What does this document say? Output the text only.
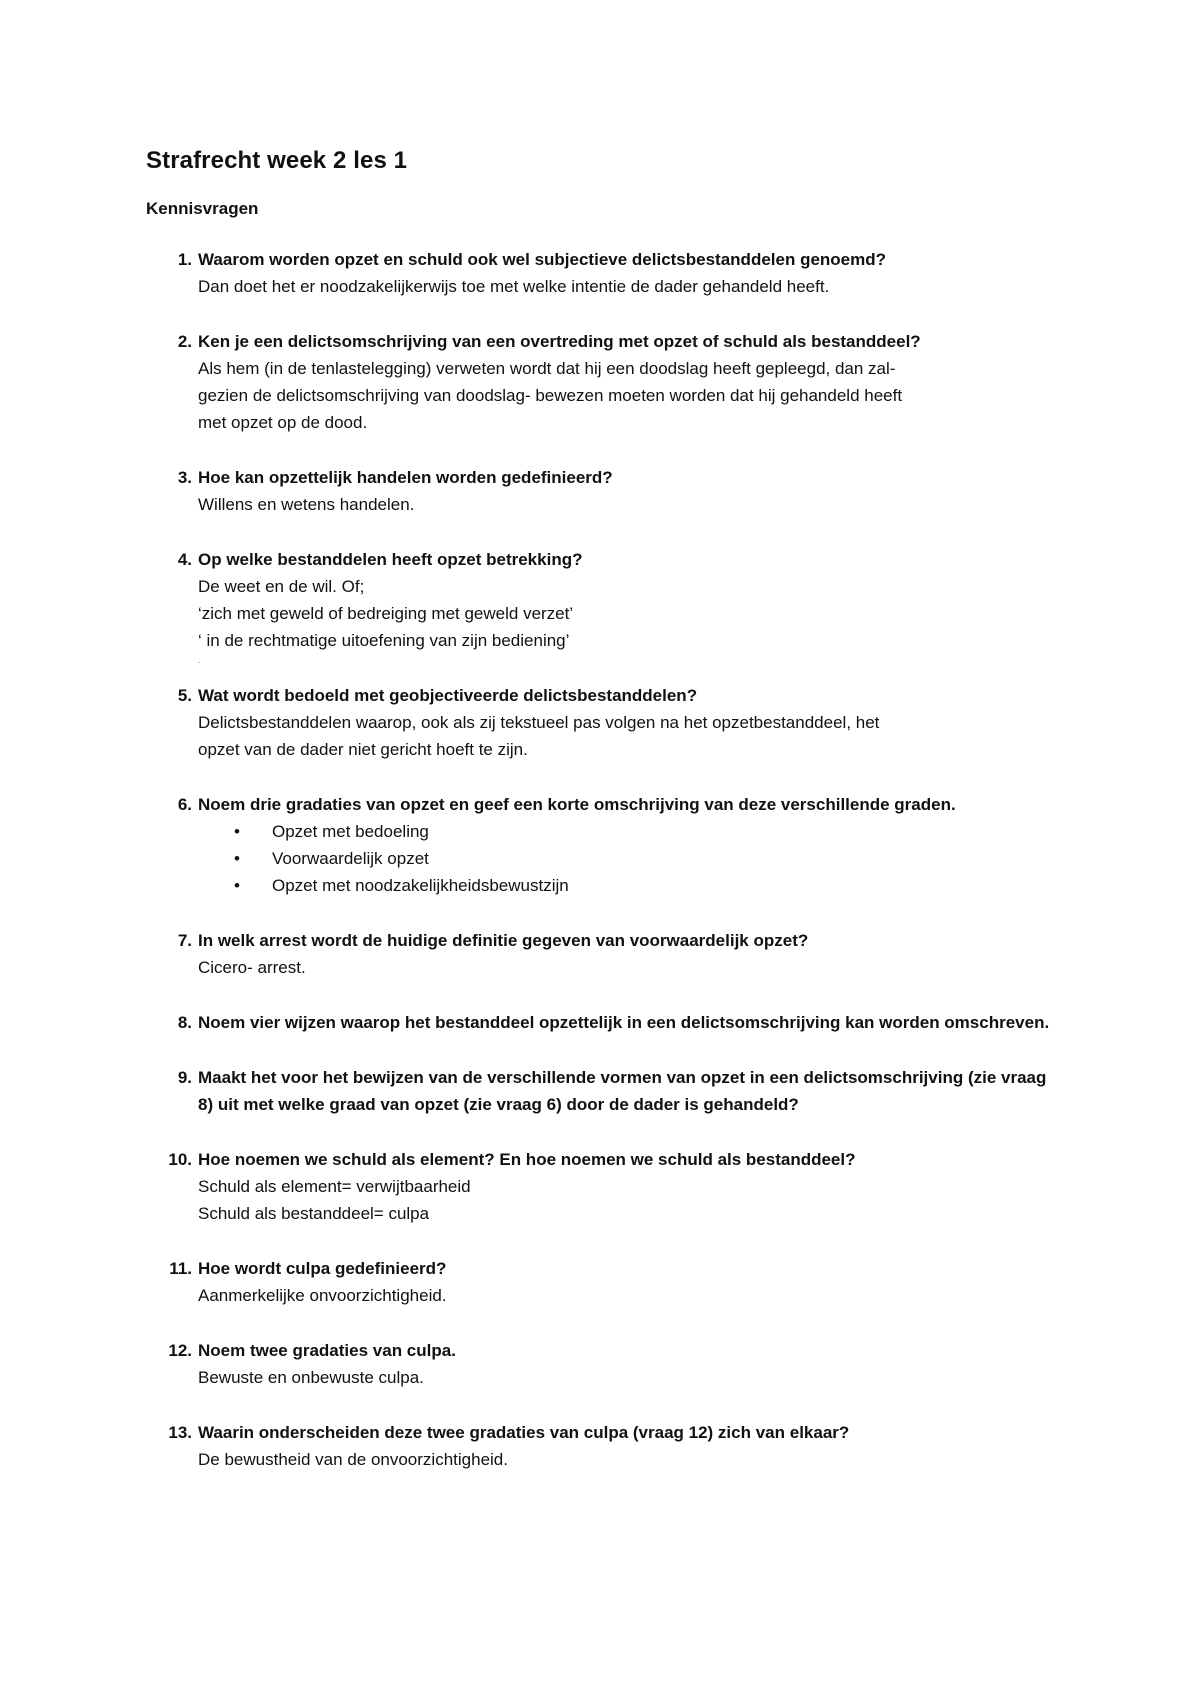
Strafrecht week 2 les 1
Kennisvragen
1. Waarom worden opzet en schuld ook wel subjectieve delictsbestanddelen genoemd?

Dan doet het er noodzakelijkerwijs toe met welke intentie de dader gehandeld heeft.

2. Ken je een delictsomschrijving van een overtreding met opzet of schuld als bestanddeel?

Als hem (in de tenlastelegging) verweten wordt dat hij een doodslag heeft gepleegd, dan zal-

gezien de delictsomschrijving van doodslag- bewezen moeten worden dat hij gehandeld heeft

met opzet op de dood.

3. Hoe kan opzettelijk handelen worden gedefinieerd?

Willens en wetens handelen.

4. Op welke bestanddelen heeft opzet betrekking?

De weet en de wil. Of;

‘zich met geweld of bedreiging met geweld verzet’

‘ in de rechtmatige uitoefening van zijn bediening’

.

5. Wat wordt bedoeld met geobjectiveerde delictsbestanddelen?

Delictsbestanddelen waarop, ook als zij tekstueel pas volgen na het opzetbestanddeel, het

opzet van de dader niet gericht hoeft te zijn.

6. Noem drie gradaties van opzet en geef een korte omschrijving van deze verschillende graden.

• Opzet met bedoeling
• Voorwaardelijk opzet
• Opzet met noodzakelijkheidsbewustzijn
7. In welk arrest wordt de huidige definitie gegeven van voorwaardelijk opzet?

Cicero- arrest.

8. Noem vier wijzen waarop het bestanddeel opzettelijk in een delictsomschrijving kan worden omschreven.

9. Maakt het voor het bewijzen van de verschillende vormen van opzet in een delictsomschrijving (zie vraag 8) uit met welke graad van opzet (zie vraag 6) door de dader is gehandeld?

10. Hoe noemen we schuld als element? En hoe noemen we schuld als bestanddeel?

Schuld als element= verwijtbaarheid

Schuld als bestanddeel= culpa

11. Hoe wordt culpa gedefinieerd?

Aanmerkelijke onvoorzichtigheid.

12. Noem twee gradaties van culpa.

Bewuste en onbewuste culpa.

13. Waarin onderscheiden deze twee gradaties van culpa (vraag 12) zich van elkaar?

De bewustheid van de onvoorzichtigheid.
